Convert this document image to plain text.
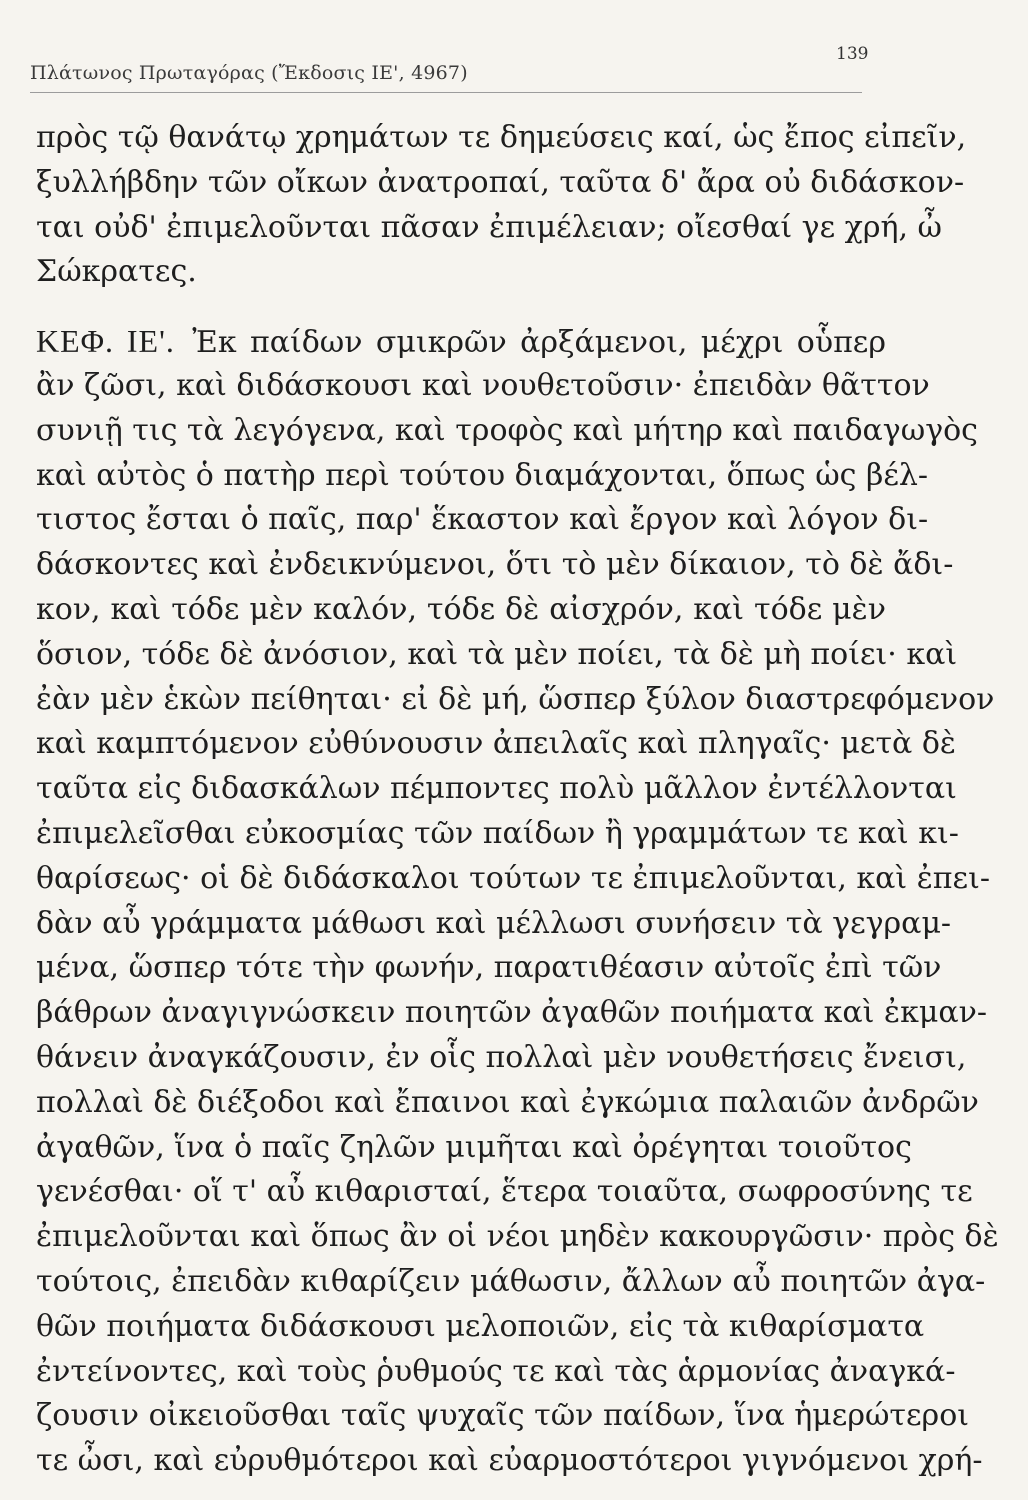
Πλάτωνος Πρωταγόρας (Ἔκδοσις ΙΕ', 4967)
139
πρὸς τῷ θανάτῳ χρημάτων τε δημεύσεις καί, ὡς ἔπος εἰπεῖν,
ξυλλήβδην τῶν οἴκων ἀνατροπαί, ταῦτα δ' ἄρα οὐ διδάσκον-
ται οὐδ' ἐπιμελοῦνται πᾶσαν ἐπιμέλειαν; οἴεσθαί γε χρή, ὦ
Σώκρατες.
ΚΕΦ. ΙΕ'. Ἐκ παίδων σμικρῶν ἀρξάμενοι, μέχρι οὗπερ
ἂν ζῶσι, καὶ διδάσκουσι καὶ νουθετοῦσιν· ἐπειδὰν θᾶττον
συνιῇ τις τὰ λεγόγενα, καὶ τροφὸς καὶ μήτηρ καὶ παιδαγωγὸς
καὶ αὐτὸς ὁ πατὴρ περὶ τούτου διαμάχονται, ὅπως ὡς βέλ-
τιστος ἔσται ὁ παῖς, παρ' ἕκαστον καὶ ἔργον καὶ λόγον δι-
δάσκοντες καὶ ἐνδεικνύμενοι, ὅτι τὸ μὲν δίκαιον, τὸ δὲ ἄδι-
κον, καὶ τόδε μὲν καλόν, τόδε δὲ αἰσχρόν, καὶ τόδε μὲν
ὅσιον, τόδε δὲ ἀνόσιον, καὶ τὰ μὲν ποίει, τὰ δὲ μὴ ποίει· καὶ
ἐὰν μὲν ἑκὼν πείθηται· εἰ δὲ μή, ὥσπερ ξύλον διαστρεφόμενον
καὶ καμπτόμενον εὐθύνουσιν ἀπειλαῖς καὶ πληγαῖς· μετὰ δὲ
ταῦτα εἰς διδασκάλων πέμποντες πολὺ μᾶλλον ἐντέλλονται
ἐπιμελεῖσθαι εὐκοσμίας τῶν παίδων ἢ γραμμάτων τε καὶ κι-
θαρίσεως· οἱ δὲ διδάσκαλοι τούτων τε ἐπιμελοῦνται, καὶ ἐπει-
δὰν αὖ γράμματα μάθωσι καὶ μέλλωσι συνήσειν τὰ γεγραμ-
μένα, ὥσπερ τότε τὴν φωνήν, παρατιθέασιν αὐτοῖς ἐπὶ τῶν
βάθρων ἀναγιγνώσκειν ποιητῶν ἀγαθῶν ποιήματα καὶ ἐκμαν-
θάνειν ἀναγκάζουσιν, ἐν οἷς πολλαὶ μὲν νουθετήσεις ἔνεισι,
πολλαὶ δὲ διέξοδοι καὶ ἔπαινοι καὶ ἐγκώμια παλαιῶν ἀνδρῶν
ἀγαθῶν, ἵνα ὁ παῖς ζηλῶν μιμῆται καὶ ὀρέγηται τοιοῦτος
γενέσθαι· οἵ τ' αὖ κιθαρισταί, ἕτερα τοιαῦτα, σωφροσύνης τε
ἐπιμελοῦνται καὶ ὅπως ἂν οἱ νέοι μηδὲν κακουργῶσιν· πρὸς δὲ
τούτοις, ἐπειδὰν κιθαρίζειν μάθωσιν, ἄλλων αὖ ποιητῶν ἀγα-
θῶν ποιήματα διδάσκουσι μελοποιῶν, εἰς τὰ κιθαρίσματα
ἐντείνοντες, καὶ τοὺς ῥυθμούς τε καὶ τὰς ἁρμονίας ἀναγκά-
ζουσιν οἰκειοῦσθαι ταῖς ψυχαῖς τῶν παίδων, ἵνα ἡμερώτεροι
τε ὦσι, καὶ εὐρυθμότεροι καὶ εὐαρμοστότεροι γιγνόμενοι χρή-
